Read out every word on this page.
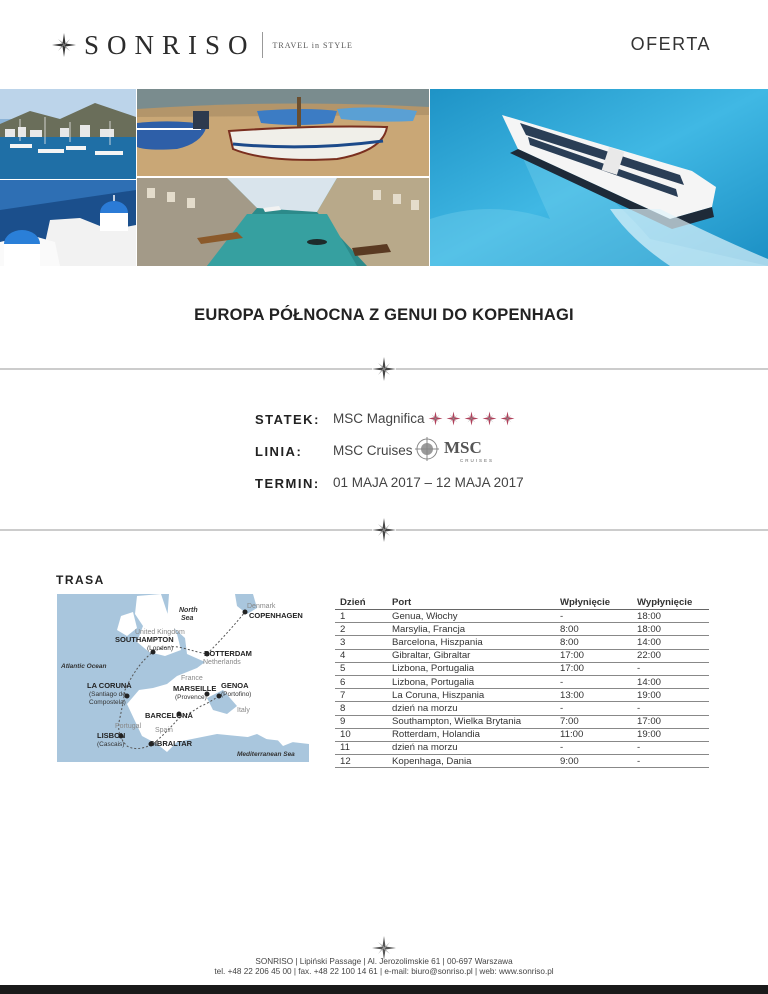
SONRISO TRAVEL in STYLE	OFERTA
EUROPA PÓŁNOCNA Z GENUI DO KOPENHAGI
STATEK: MSC Magnifica
LINIA: MSC Cruises MSC
CRUISES
TERMIN: 01 MAJA 2017 – 12 MAJA 2017
TRASA
North
Sea
Denmark
COPENHAGEN
United Kingdom
SOUTHAMPTON
(London)
ROTTERDAM
Netherlands
Atlantic Ocean
France
LA CORUNA
(Santiago de
Compostela)
MARSEILLE
(Provence)
GENOA
(Portofino)
Italy
BARCELONA
Portugal
Spain
LISBON
(Cascais)	GIBRALTAR
Mediterranean Sea
Dzień	Port	Wpłynięcie	Wypłynięcie
1	Genua, Włochy	-	18:00
2	Marsylia, Francja	8:00	18:00
3	Barcelona, Hiszpania	8:00	14:00
4	Gibraltar, Gibraltar	17:00	22:00
5	Lizbona, Portugalia	17:00	-
6	Lizbona, Portugalia	-	14:00
7	La Coruna, Hiszpania	13:00	19:00
8	dzień na morzu	-	-
9	Southampton, Wielka Brytania	7:00	17:00
10	Rotterdam, Holandia	11:00	19:00
11	dzień na morzu	-	-
12	Kopenhaga, Dania	9:00	-
SONRISO | Lipiński Passage | Al. Jerozolimskie 61 | 00-697 Warszawa
tel. +48 22 206 45 00 | fax. +48 22 100 14 61 | e-mail: biuro@sonriso.pl | web: www.sonriso.pl
